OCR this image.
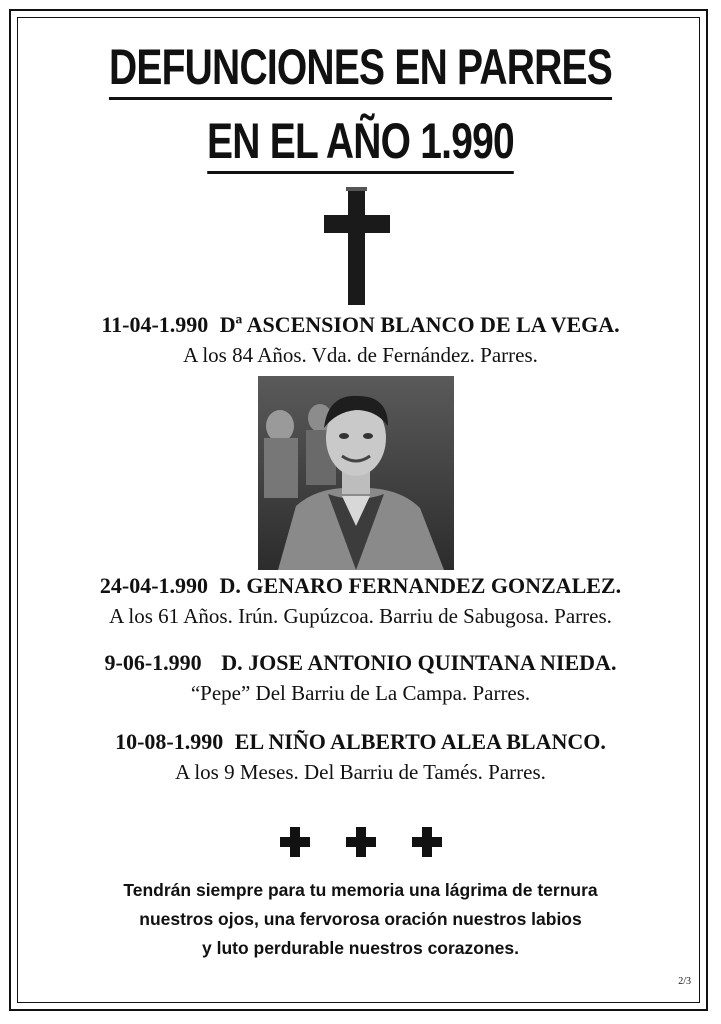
DEFUNCIONES EN PARRES
EN EL AÑO 1.990
11-04-1.990 Dª ASCENSION BLANCO DE LA VEGA.
A los 84 Años. Vda. de Fernández. Parres.
24-04-1.990 D. GENARO FERNANDEZ GONZALEZ.
A los 61 Años. Irún. Gupúzcoa. Barriu de Sabugosa. Parres.
9-06-1.990 D. JOSE ANTONIO QUINTANA NIEDA.
“Pepe” Del Barriu de La Campa. Parres.
10-08-1.990 EL NIÑO ALBERTO ALEA BLANCO.
A los 9 Meses. Del Barriu de Tamés. Parres.

Tendrán siempre para tu memoria una lágrima de ternura
nuestros ojos, una fervorosa oración nuestros labios
y luto perdurable nuestros corazones.
2/3
